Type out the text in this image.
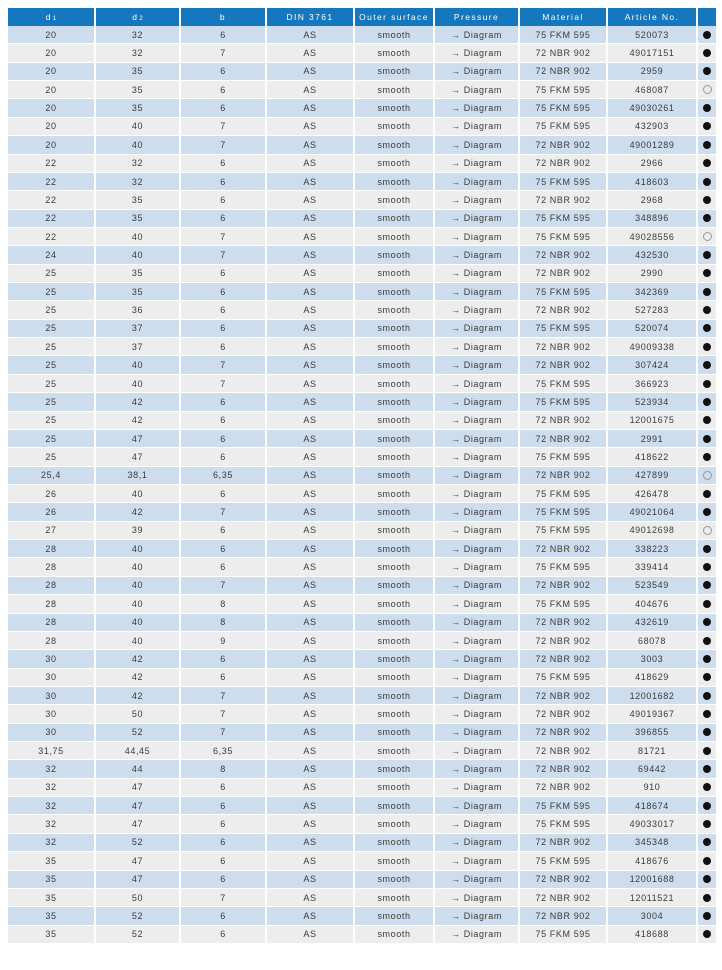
$d_1$	$d_2$	b	DIN 3761	Outer surface	Pressure	Material	Article No.
20	32	6	AS	smooth	→ Diagram	75 FKM 595	520073
20	32	7	AS	smooth	→ Diagram	72 NBR 902	49017151
20	35	6	AS	smooth	→ Diagram	72 NBR 902	2959
20	35	6	AS	smooth	→ Diagram	75 FKM 595	468087
20	35	6	AS	smooth	→ Diagram	75 FKM 595	49030261
20	40	7	AS	smooth	→ Diagram	75 FKM 595	432903
20	40	7	AS	smooth	→ Diagram	72 NBR 902	49001289
22	32	6	AS	smooth	→ Diagram	72 NBR 902	2966
22	32	6	AS	smooth	→ Diagram	75 FKM 595	418603
22	35	6	AS	smooth	→ Diagram	72 NBR 902	2968
22	35	6	AS	smooth	→ Diagram	75 FKM 595	348896
22	40	7	AS	smooth	→ Diagram	75 FKM 595	49028556
24	40	7	AS	smooth	→ Diagram	72 NBR 902	432530
25	35	6	AS	smooth	→ Diagram	72 NBR 902	2990
25	35	6	AS	smooth	→ Diagram	75 FKM 595	342369
25	36	6	AS	smooth	→ Diagram	72 NBR 902	527283
25	37	6	AS	smooth	→ Diagram	75 FKM 595	520074
25	37	6	AS	smooth	→ Diagram	72 NBR 902	49009338
25	40	7	AS	smooth	→ Diagram	72 NBR 902	307424
25	40	7	AS	smooth	→ Diagram	75 FKM 595	366923
25	42	6	AS	smooth	→ Diagram	75 FKM 595	523934
25	42	6	AS	smooth	→ Diagram	72 NBR 902	12001675
25	47	6	AS	smooth	→ Diagram	72 NBR 902	2991
25	47	6	AS	smooth	→ Diagram	75 FKM 595	418622
25,4	38,1	6,35	AS	smooth	→ Diagram	72 NBR 902	427899
26	40	6	AS	smooth	→ Diagram	75 FKM 595	426478
26	42	7	AS	smooth	→ Diagram	75 FKM 595	49021064
27	39	6	AS	smooth	→ Diagram	75 FKM 595	49012698
28	40	6	AS	smooth	→ Diagram	72 NBR 902	338223
28	40	6	AS	smooth	→ Diagram	75 FKM 595	339414
28	40	7	AS	smooth	→ Diagram	72 NBR 902	523549
28	40	8	AS	smooth	→ Diagram	75 FKM 595	404676
28	40	8	AS	smooth	→ Diagram	72 NBR 902	432619
28	40	9	AS	smooth	→ Diagram	72 NBR 902	68078
30	42	6	AS	smooth	→ Diagram	72 NBR 902	3003
30	42	6	AS	smooth	→ Diagram	75 FKM 595	418629
30	42	7	AS	smooth	→ Diagram	72 NBR 902	12001682
30	50	7	AS	smooth	→ Diagram	72 NBR 902	49019367
30	52	7	AS	smooth	→ Diagram	72 NBR 902	396855
31,75	44,45	6,35	AS	smooth	→ Diagram	72 NBR 902	81721
32	44	8	AS	smooth	→ Diagram	72 NBR 902	69442
32	47	6	AS	smooth	→ Diagram	72 NBR 902	910
32	47	6	AS	smooth	→ Diagram	75 FKM 595	418674
32	47	6	AS	smooth	→ Diagram	75 FKM 595	49033017
32	52	6	AS	smooth	→ Diagram	72 NBR 902	345348
35	47	6	AS	smooth	→ Diagram	75 FKM 595	418676
35	47	6	AS	smooth	→ Diagram	72 NBR 902	12001688
35	50	7	AS	smooth	→ Diagram	72 NBR 902	12011521
35	52	6	AS	smooth	→ Diagram	72 NBR 902	3004
35	52	6	AS	smooth	→ Diagram	75 FKM 595	418688
